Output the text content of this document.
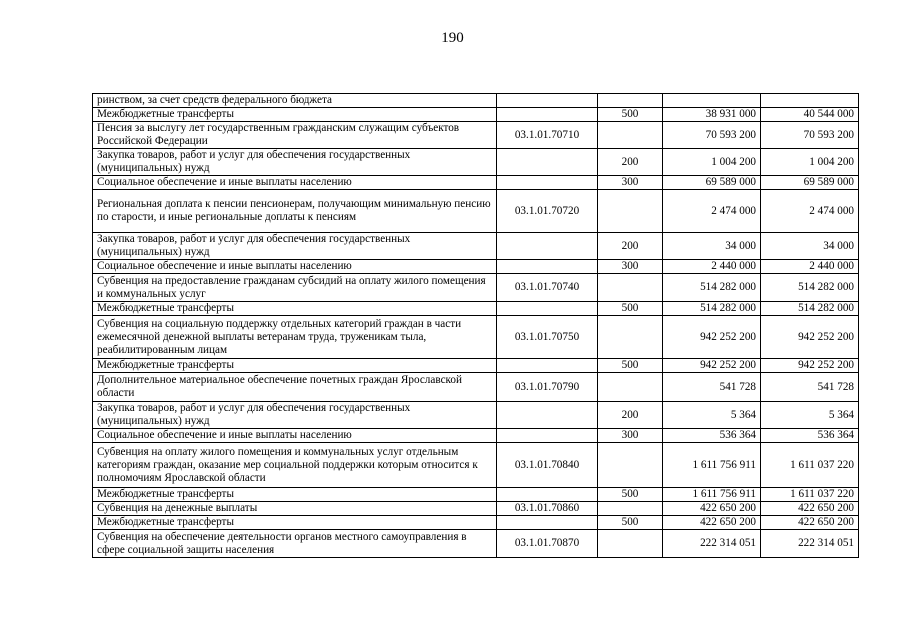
190
ринством, за счет средств федерального бюджета				
Межбюджетные трансферты		500	38 931 000	40 544 000
Пенсия за выслугу лет государственным гражданским служащим субъектов Российской Федерации	03.1.01.70710		70 593 200	70 593 200
Закупка товаров, работ и услуг для обеспечения государственных (муниципальных) нужд		200	1 004 200	1 004 200
Социальное обеспечение и иные выплаты населению		300	69 589 000	69 589 000
Региональная доплата к пенсии пенсионерам, получающим минимальную пенсию по старости, и иные региональные доплаты к пенсиям	03.1.01.70720		2 474 000	2 474 000
Закупка товаров, работ и услуг для обеспечения государственных (муниципальных) нужд		200	34 000	34 000
Социальное обеспечение и иные выплаты населению		300	2 440 000	2 440 000
Субвенция на предоставление гражданам субсидий на оплату жилого помещения и коммунальных услуг	03.1.01.70740		514 282 000	514 282 000
Межбюджетные трансферты		500	514 282 000	514 282 000
Субвенция на социальную поддержку отдельных категорий граждан в части ежемесячной денежной выплаты ветеранам труда, труженикам тыла, реабилитированным лицам	03.1.01.70750		942 252 200	942 252 200
Межбюджетные трансферты		500	942 252 200	942 252 200
Дополнительное материальное обеспечение почетных граждан Ярославской области	03.1.01.70790		541 728	541 728
Закупка товаров, работ и услуг для обеспечения государственных (муниципальных) нужд		200	5 364	5 364
Социальное обеспечение и иные выплаты населению		300	536 364	536 364
Субвенция на оплату жилого помещения и коммунальных услуг отдельным категориям граждан, оказание мер социальной поддержки которым относится к полномочиям Ярославской области	03.1.01.70840		1 611 756 911	1 611 037 220
Межбюджетные трансферты		500	1 611 756 911	1 611 037 220
Субвенция на денежные выплаты	03.1.01.70860		422 650 200	422 650 200
Межбюджетные трансферты		500	422 650 200	422 650 200
Субвенция на обеспечение деятельности органов местного самоуправления в сфере социальной защиты населения	03.1.01.70870		222 314 051	222 314 051
